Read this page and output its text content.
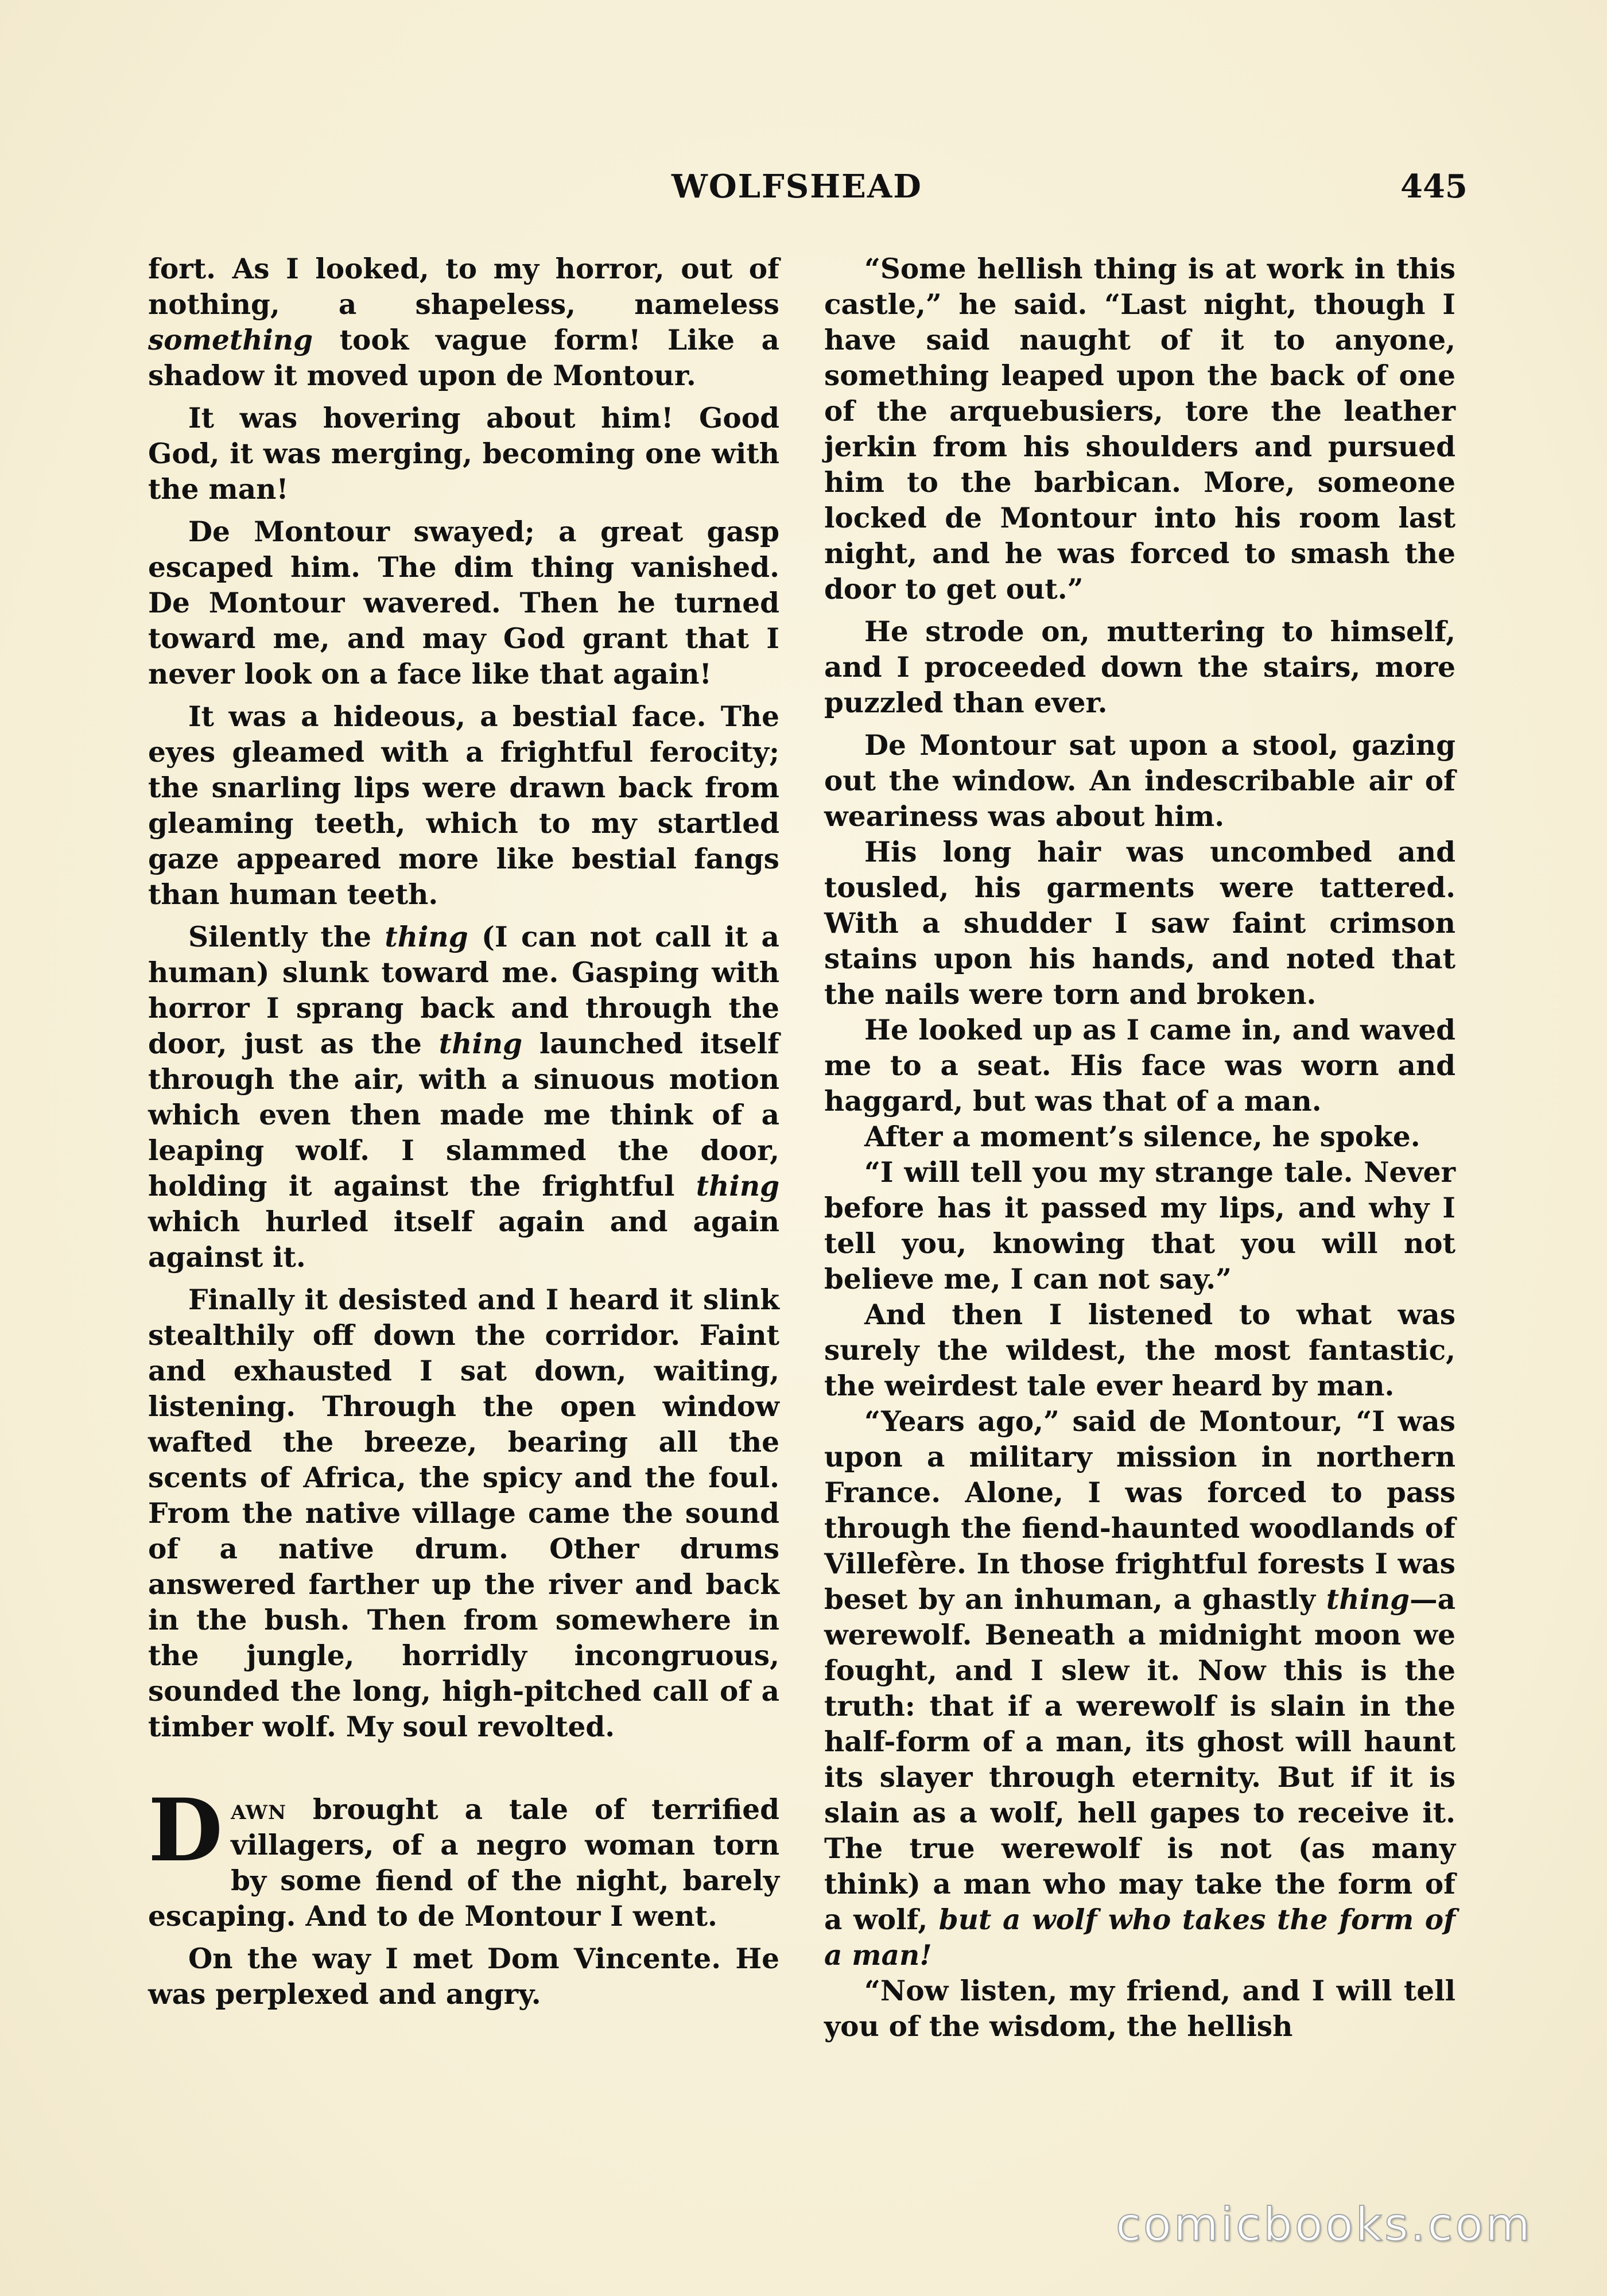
WOLFSHEAD	445

fort. As I looked, to my horror, out of nothing, a shapeless, nameless something took vague form! Like a shadow it moved upon de Montour.

It was hovering about him! Good God, it was merging, becoming one with the man!

De Montour swayed; a great gasp escaped him. The dim thing vanished. De Montour wavered. Then he turned toward me, and may God grant that I never look on a face like that again!

It was a hideous, a bestial face. The eyes gleamed with a frightful ferocity; the snarling lips were drawn back from gleaming teeth, which to my startled gaze appeared more like bestial fangs than human teeth.

Silently the thing (I can not call it a human) slunk toward me. Gasping with horror I sprang back and through the door, just as the thing launched itself through the air, with a sinuous motion which even then made me think of a leaping wolf. I slammed the door, holding it against the frightful thing which hurled itself again and again against it.

Finally it desisted and I heard it slink stealthily off down the corridor. Faint and exhausted I sat down, waiting, listening. Through the open window wafted the breeze, bearing all the scents of Africa, the spicy and the foul. From the native village came the sound of a native drum. Other drums answered farther up the river and back in the bush. Then from somewhere in the jungle, horridly incongruous, sounded the long, high-pitched call of a timber wolf. My soul revolted.

Dawn brought a tale of terrified villagers, of a negro woman torn by some fiend of the night, barely escaping. And to de Montour I went.

On the way I met Dom Vincente. He was perplexed and angry.

“Some hellish thing is at work in this castle,” he said. “Last night, though I have said naught of it to anyone, something leaped upon the back of one of the arquebusiers, tore the leather jerkin from his shoulders and pursued him to the barbican. More, someone locked de Montour into his room last night, and he was forced to smash the door to get out.”

He strode on, muttering to himself, and I proceeded down the stairs, more puzzled than ever.

De Montour sat upon a stool, gazing out the window. An indescribable air of weariness was about him.

His long hair was uncombed and tousled, his garments were tattered. With a shudder I saw faint crimson stains upon his hands, and noted that the nails were torn and broken.

He looked up as I came in, and waved me to a seat. His face was worn and haggard, but was that of a man.

After a moment’s silence, he spoke.

“I will tell you my strange tale. Never before has it passed my lips, and why I tell you, knowing that you will not believe me, I can not say.”

And then I listened to what was surely the wildest, the most fantastic, the weirdest tale ever heard by man.

“Years ago,” said de Montour, “I was upon a military mission in northern France. Alone, I was forced to pass through the fiend-haunted woodlands of Villefère. In those frightful forests I was beset by an inhuman, a ghastly thing—a werewolf. Beneath a midnight moon we fought, and I slew it. Now this is the truth: that if a werewolf is slain in the half-form of a man, its ghost will haunt its slayer through eternity. But if it is slain as a wolf, hell gapes to receive it. The true werewolf is not (as many think) a man who may take the form of a wolf, but a wolf who takes the form of a man!

“Now listen, my friend, and I will tell you of the wisdom, the hellish

comicbooks.com
